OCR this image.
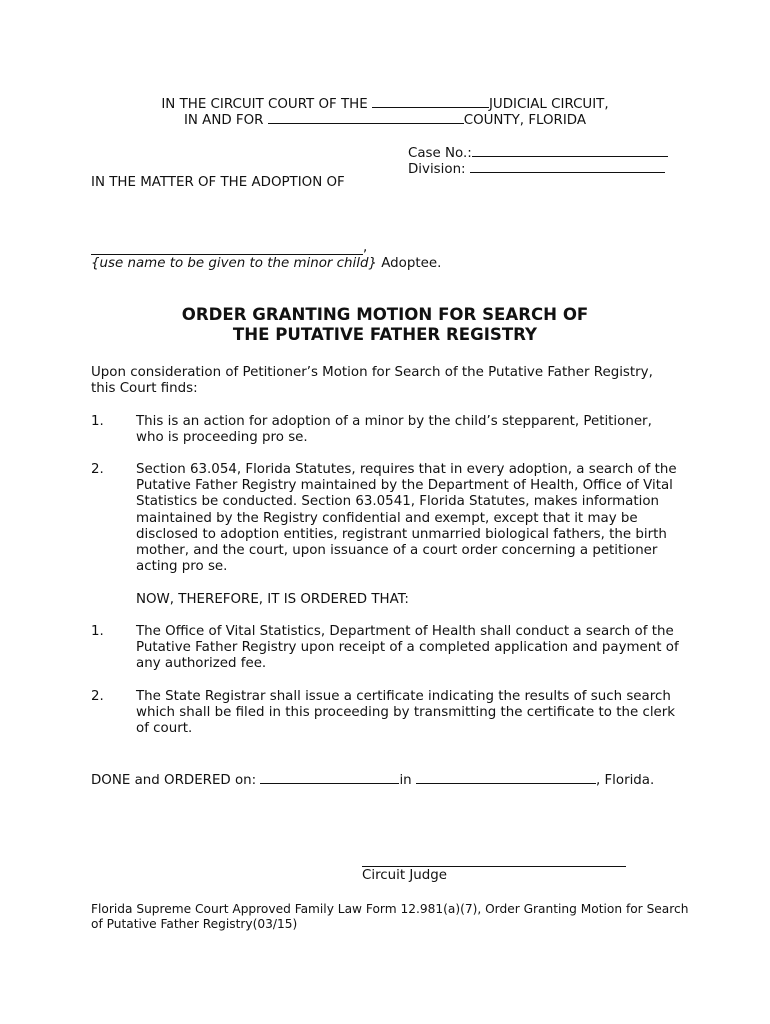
IN THE CIRCUIT COURT OF THE	JUDICIAL CIRCUIT,
IN AND FOR	COUNTY, FLORIDA
Case No.:
Division:
IN THE MATTER OF THE ADOPTION OF
,
{use name to be given to the minor child} Adoptee.
ORDER GRANTING MOTION FOR SEARCH OF
THE PUTATIVE FATHER REGISTRY
Upon consideration of Petitioner’s Motion for Search of the Putative Father Registry, this Court finds:
1. This is an action for adoption of a minor by the child’s stepparent, Petitioner, who is proceeding pro se.
2. Section 63.054, Florida Statutes, requires that in every adoption, a search of the Putative Father Registry maintained by the Department of Health, Office of Vital Statistics be conducted. Section 63.0541, Florida Statutes, makes information maintained by the Registry confidential and exempt, except that it may be disclosed to adoption entities, registrant unmarried biological fathers, the birth mother, and the court, upon issuance of a court order concerning a petitioner acting pro se.
NOW, THEREFORE, IT IS ORDERED THAT:
1. The Office of Vital Statistics, Department of Health shall conduct a search of the Putative Father Registry upon receipt of a completed application and payment of any authorized fee.
2. The State Registrar shall issue a certificate indicating the results of such search which shall be filed in this proceeding by transmitting the certificate to the clerk of court.
DONE and ORDERED on:	in	, Florida.
Circuit Judge
Florida Supreme Court Approved Family Law Form 12.981(a)(7), Order Granting Motion for Search of Putative Father Registry(03/15)
